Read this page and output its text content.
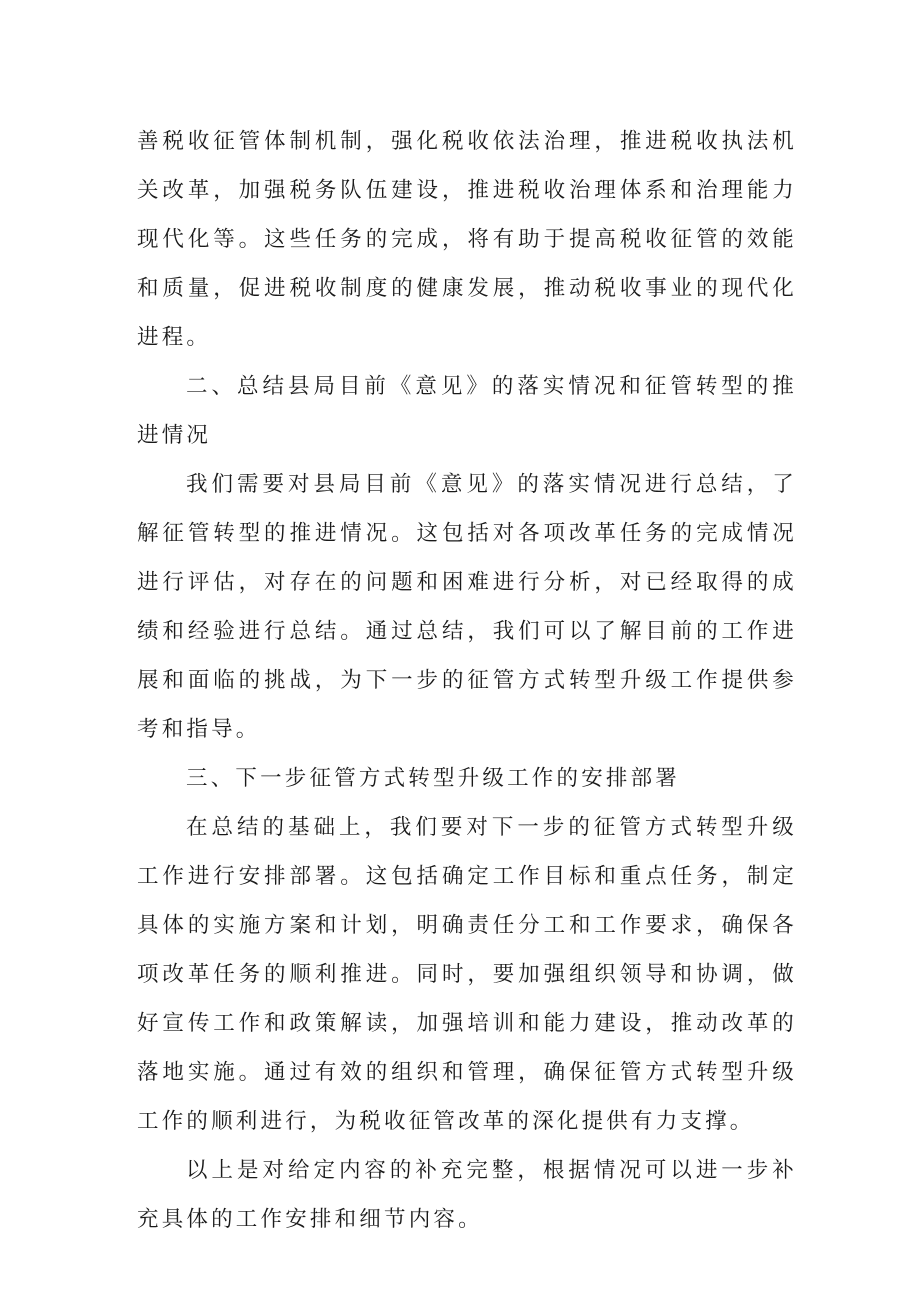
善税收征管体制机制，强化税收依法治理，推进税收执法机关改革，加强税务队伍建设，推进税收治理体系和治理能力现代化等。这些任务的完成，将有助于提高税收征管的效能和质量，促进税收制度的健康发展，推动税收事业的现代化进程。

二、总结县局目前《意见》的落实情况和征管转型的推进情况

我们需要对县局目前《意见》的落实情况进行总结，了解征管转型的推进情况。这包括对各项改革任务的完成情况进行评估，对存在的问题和困难进行分析，对已经取得的成绩和经验进行总结。通过总结，我们可以了解目前的工作进展和面临的挑战，为下一步的征管方式转型升级工作提供参考和指导。

三、下一步征管方式转型升级工作的安排部署

在总结的基础上，我们要对下一步的征管方式转型升级工作进行安排部署。这包括确定工作目标和重点任务，制定具体的实施方案和计划，明确责任分工和工作要求，确保各项改革任务的顺利推进。同时，要加强组织领导和协调，做好宣传工作和政策解读，加强培训和能力建设，推动改革的落地实施。通过有效的组织和管理，确保征管方式转型升级工作的顺利进行，为税收征管改革的深化提供有力支撑。

以上是对给定内容的补充完整，根据情况可以进一步补充具体的工作安排和细节内容。
